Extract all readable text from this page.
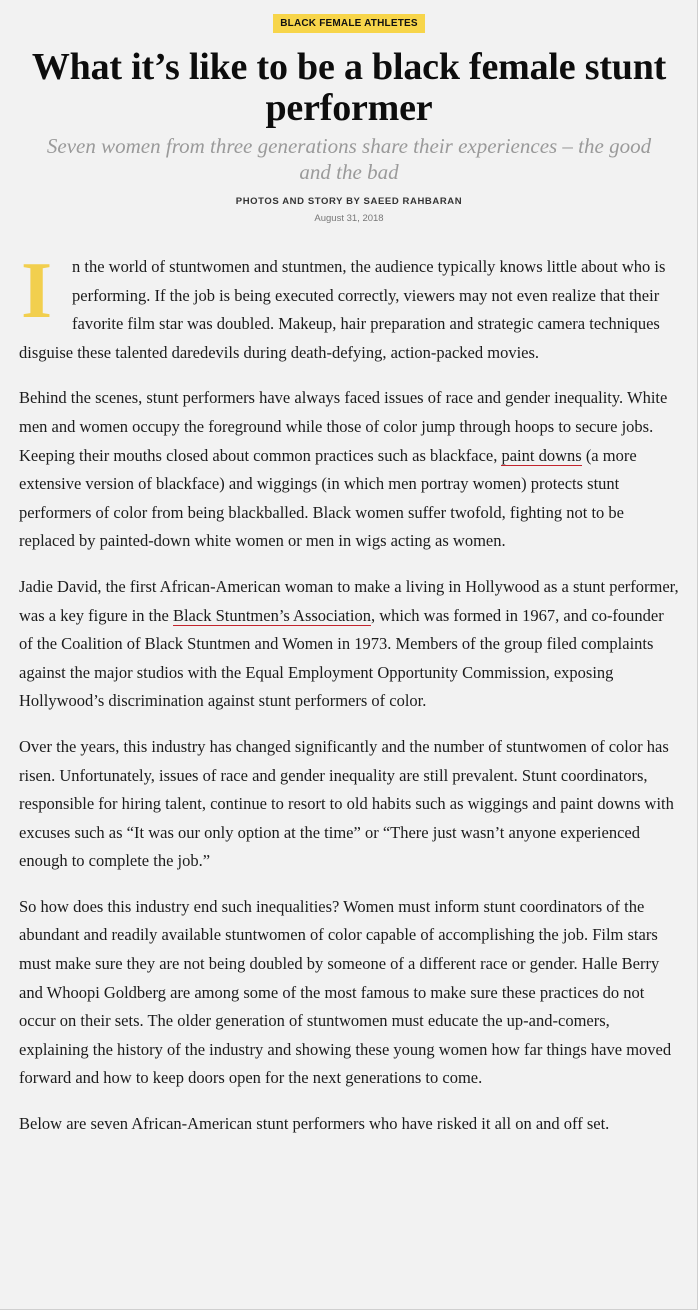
BLACK FEMALE ATHLETES
What it’s like to be a black female stunt performer
Seven women from three generations share their experiences – the good and the bad
PHOTOS AND STORY BY SAEED RAHBARAN
August 31, 2018

I	n the world of stuntwomen and stuntmen, the audience typically knows little about who is performing. If the job is being executed correctly, viewers may not even realize that their favorite film star was doubled. Makeup, hair preparation and strategic camera techniques disguise these talented daredevils during death-defying, action-packed movies.

Behind the scenes, stunt performers have always faced issues of race and gender inequality. White men and women occupy the foreground while those of color jump through hoops to secure jobs. Keeping their mouths closed about common practices such as blackface, paint downs (a more extensive version of blackface) and wiggings (in which men portray women) protects stunt performers of color from being blackballed. Black women suffer twofold, fighting not to be replaced by painted-down white women or men in wigs acting as women.

Jadie David, the first African-American woman to make a living in Hollywood as a stunt performer, was a key figure in the Black Stuntmen’s Association, which was formed in 1967, and co-founder of the Coalition of Black Stuntmen and Women in 1973. Members of the group filed complaints against the major studios with the Equal Employment Opportunity Commission, exposing Hollywood’s discrimination against stunt performers of color.

Over the years, this industry has changed significantly and the number of stuntwomen of color has risen. Unfortunately, issues of race and gender inequality are still prevalent. Stunt coordinators, responsible for hiring talent, continue to resort to old habits such as wiggings and paint downs with excuses such as “It was our only option at the time” or “There just wasn’t anyone experienced enough to complete the job.”

So how does this industry end such inequalities? Women must inform stunt coordinators of the abundant and readily available stuntwomen of color capable of accomplishing the job. Film stars must make sure they are not being doubled by someone of a different race or gender. Halle Berry and Whoopi Goldberg are among some of the most famous to make sure these practices do not occur on their sets. The older generation of stuntwomen must educate the up-and-comers, explaining the history of the industry and showing these young women how far things have moved forward and how to keep doors open for the next generations to come.

Below are seven African-American stunt performers who have risked it all on and off set.
